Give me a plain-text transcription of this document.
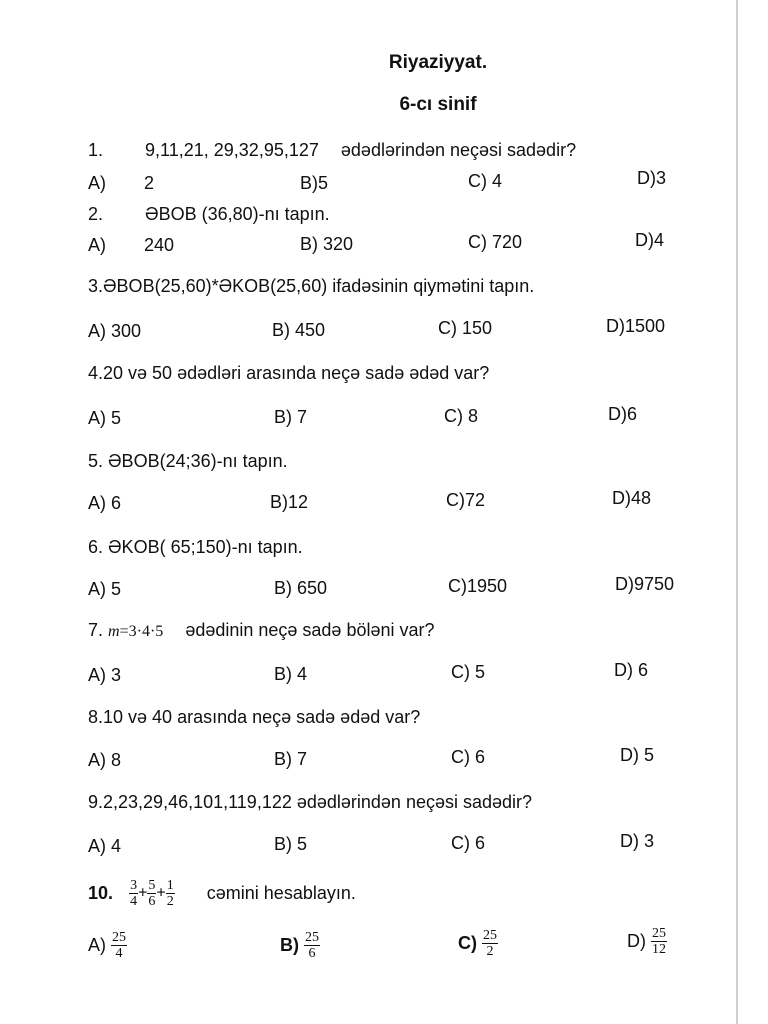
Riyaziyyat.
6-cı sinif
1. 9,11,21, 29,32,95,127 ədədlərindən neçəsi sadədir?
A) 2	B)5	C) 4	D)3
2. ƏBOB (36,80)-nı tapın.
A) 240	B) 320	C) 720	D)4
3.ƏBOB(25,60)*ƏKOB(25,60) ifadəsinin qiymətini tapın.
A) 300	B) 450	C) 150	D)1500
4.20 və 50 ədədləri arasında neçə sadə ədəd var?
A) 5	B) 7	C) 8	D)6
5. ƏBOB(24;36)-nı tapın.
A) 6	B)12	C)72	D)48
6. ƏKOB( 65;150)-nı tapın.
A) 5	B) 650	C)1950	D)9750
7. m=3·4·5 ədədinin neçə sadə böləni var?
A) 3	B) 4	C) 5	D) 6
8.10 və 40 arasında neçə sadə ədəd var?
A) 8	B) 7	C) 6	D) 5
9.2,23,29,46,101,119,122 ədədlərindən neçəsi sadədir?
A) 4	B) 5	C) 6	D) 3
10. $\frac{3}{4} + \frac{5}{6} + \frac{1}{2}$ cəmini hesablayın.
$A) \frac{25}{4}$	$B) \frac{25}{6}$	$C) \frac{25}{2}$	$D) \frac{25}{12}$
